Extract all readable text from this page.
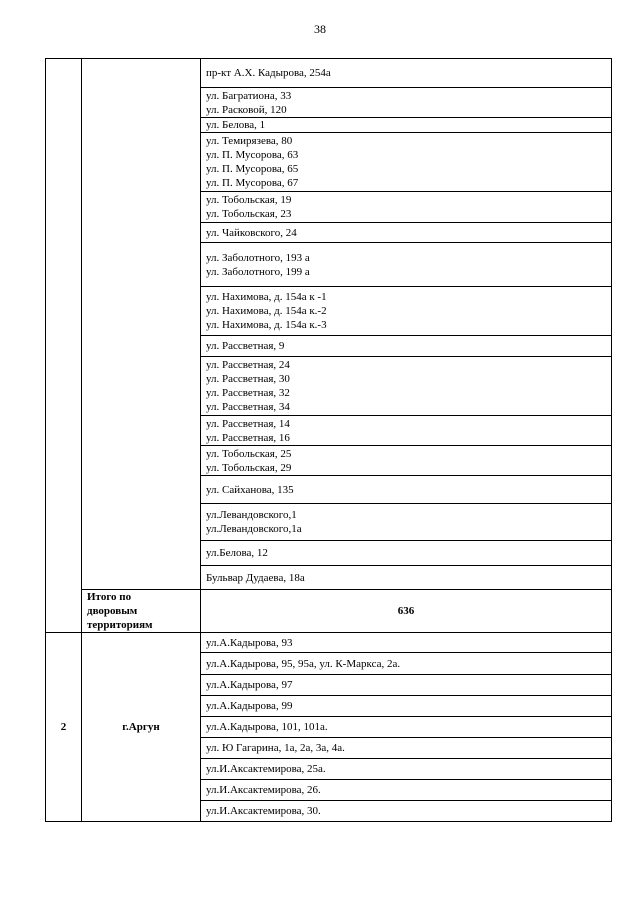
38

		пр-кт А.Х. Кадырова, 254а

		ул. Багратиона, 33
ул. Расковой, 120

		ул. Белова, 1

		ул. Темирязева, 80
ул. П. Мусорова, 63
ул. П. Мусорова, 65
ул. П. Мусорова, 67

		ул. Тобольская, 19
ул. Тобольская, 23

		ул. Чайковского, 24

		ул. Заболотного, 193 а
ул. Заболотного, 199 а

		ул. Нахимова, д. 154а к -1
ул. Нахимова, д. 154а к.-2
ул. Нахимова, д. 154а к.-3

		ул. Рассветная, 9

		ул. Рассветная, 24
ул. Рассветная, 30
ул. Рассветная, 32
ул. Рассветная, 34

		ул. Рассветная, 14
ул. Рассветная, 16

		ул. Тобольская, 25
ул. Тобольская, 29

		ул. Сайханова, 135

		ул.Левандовского,1
ул.Левандовского,1а

		ул.Белова, 12

		Бульвар Дудаева, 18а

	Итого по
дворовым
территориям	636
2	г.Аргун	ул.А.Кадырова, 93

		ул.А.Кадырова, 95, 95а, ул. К-Маркса, 2а.

		ул.А.Кадырова, 97

		ул.А.Кадырова, 99

		ул.А.Кадырова, 101, 101а.

		ул. Ю Гагарина, 1а, 2а, 3а, 4а.

		ул.И.Аксактемирова, 25а.

		ул.И.Аксактемирова, 26.

		ул.И.Аксактемирова, 30.
